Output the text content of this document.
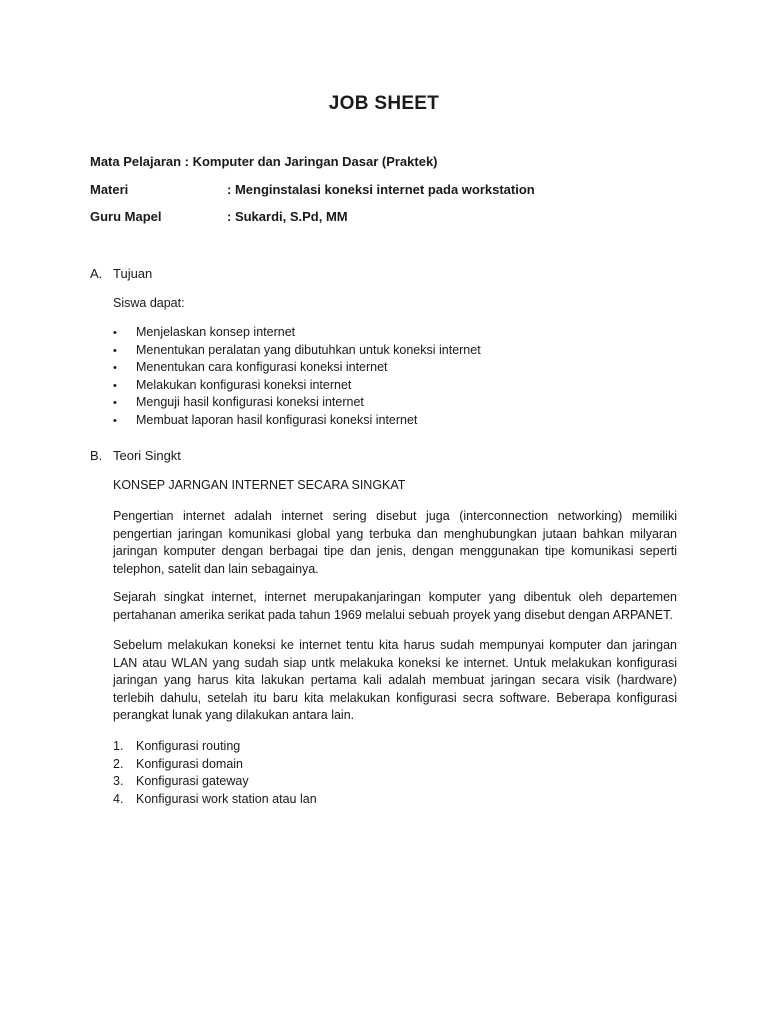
JOB SHEET
Mata Pelajaran : Komputer dan Jaringan Dasar (Praktek)
Materi	: Menginstalasi koneksi internet pada workstation
Guru Mapel	: Sukardi, S.Pd, MM
A. Tujuan
Siswa dapat:
• Menjelaskan konsep internet
• Menentukan peralatan yang dibutuhkan untuk koneksi internet
• Menentukan cara konfigurasi koneksi internet
• Melakukan konfigurasi koneksi internet
• Menguji hasil konfigurasi koneksi internet
• Membuat laporan hasil konfigurasi koneksi internet
B. Teori Singkt
KONSEP JARNGAN INTERNET SECARA SINGKAT
Pengertian internet adalah internet sering disebut juga (interconnection networking) memiliki pengertian jaringan komunikasi global yang terbuka dan menghubungkan jutaan bahkan milyaran jaringan komputer dengan berbagai tipe dan jenis, dengan menggunakan tipe komunikasi seperti telephon, satelit dan lain sebagainya.
Sejarah singkat internet, internet merupakanjaringan komputer yang dibentuk oleh departemen pertahanan amerika serikat pada tahun 1969 melalui sebuah proyek yang disebut dengan ARPANET.
Sebelum melakukan koneksi ke internet tentu kita harus sudah mempunyai komputer dan jaringan LAN atau WLAN yang sudah siap untk melakuka koneksi ke internet. Untuk melakukan konfigurasi jaringan yang harus kita lakukan pertama kali adalah membuat jaringan secara visik (hardware) terlebih dahulu, setelah itu baru kita melakukan konfigurasi secra software. Beberapa konfigurasi perangkat lunak yang dilakukan antara lain.
1. Konfigurasi routing
2. Konfigurasi domain
3. Konfigurasi gateway
4. Konfigurasi work station atau lan
